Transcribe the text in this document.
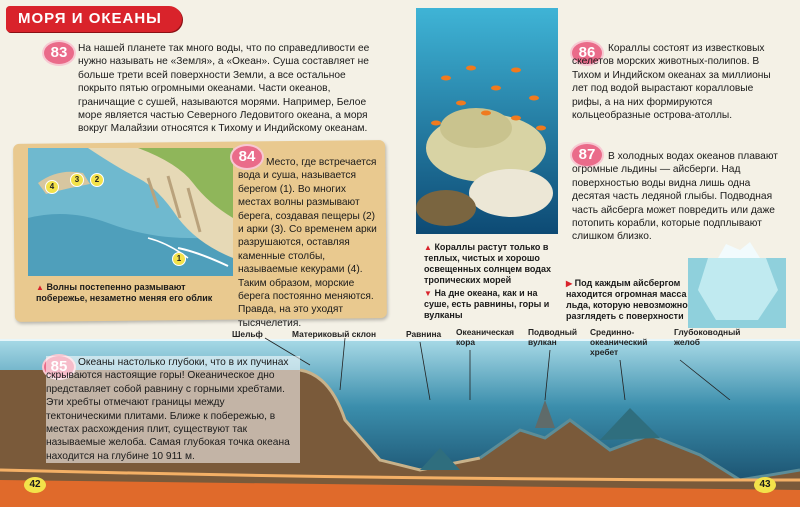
МОРЯ И ОКЕАНЫ
83	На нашей планете так много воды, что по справедливости ее нужно называть не «Земля», а «Океан». Суша составляет не больше трети всей поверхности Земли, а все остальное покрыто пятью огромными океанами. Части океанов, граничащие с сушей, называются морями. Например, Белое море является частью Северного Ледовитого океана, а моря вокруг Малайзии относятся к Тихому и Индийскому океанам.
4
3	2
1
▲ Волны постепенно размывают побережье, незаметно меняя его облик
84	Место, где встречается вода и суша, называется берегом (1). Во многих местах волны размывают берега, создавая пещеры (2) и арки (3). Со временем арки разрушаются, оставляя каменные столбы, называемые кекурами (4). Таким образом, морские берега постоянно меняются. Правда, на это уходят тысячелетия.
▲ Кораллы растут только в теплых, чистых и хорошо освещенных солнцем водах тропических морей
▼ На дне океана, как и на суше, есть равнины, горы и вулканы
86	Кораллы состоят из известковых скелетов морских животных-полипов. В Тихом и Индийском океанах за миллионы лет под водой вырастают коралловые рифы, а на них формируются кольцеобразные острова-атоллы.
87	В холодных водах океанов плавают огромные льдины — айсберги. Над поверхностью воды видна лишь одна десятая часть ледяной глыбы. Подводная часть айсберга может повредить или даже потопить корабли, которые подплывают слишком близко.
▶ Под каждым айсбергом находится огромная масса льда, которую невозможно разглядеть с поверхности
Шельф	Материковый склон	Равнина Океаническая кора
Подводный вулкан
Срединно-океанический хребет
Глубоководный желоб
Океаны настолько глубоки, что в их пучинах скрываются настоящие горы! Океаническое дно представляет собой равнину с горными хребтами. Эти хребты отмечают границы между тектоническими плитами. Ближе к побережью, в местах расхождения плит, существуют так называемые желоба. Самая глубокая точка океана находится на глубине 10 911 м.
42	43
